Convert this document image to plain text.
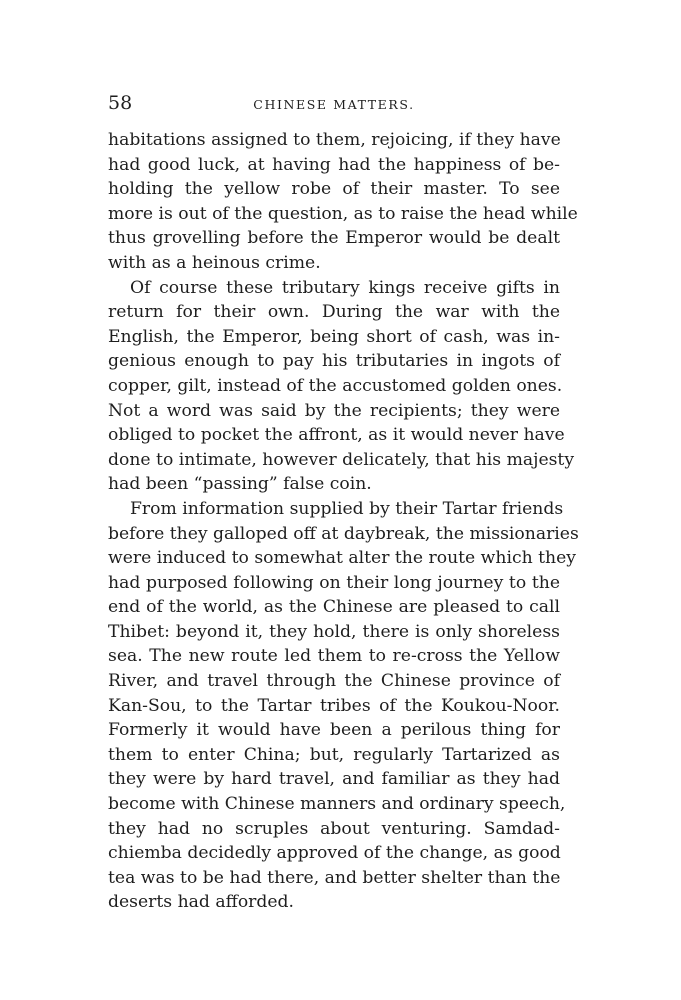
58	CHINESE MATTERS.
habitations assigned to them, rejoicing, if they have
had good luck, at having had the happiness of be-
holding the yellow robe of their master. To see
more is out of the question, as to raise the head while
thus grovelling before the Emperor would be dealt
with as a heinous crime.
Of course these tributary kings receive gifts in
return for their own. During the war with the
English, the Emperor, being short of cash, was in-
genious enough to pay his tributaries in ingots of
copper, gilt, instead of the accustomed golden ones.
Not a word was said by the recipients; they were
obliged to pocket the affront, as it would never have
done to intimate, however delicately, that his majesty
had been “passing” false coin.
From information supplied by their Tartar friends
before they galloped off at daybreak, the missionaries
were induced to somewhat alter the route which they
had purposed following on their long journey to the
end of the world, as the Chinese are pleased to call
Thibet: beyond it, they hold, there is only shoreless
sea. The new route led them to re-cross the Yellow
River, and travel through the Chinese province of
Kan-Sou, to the Tartar tribes of the Koukou-Noor.
Formerly it would have been a perilous thing for
them to enter China; but, regularly Tartarized as
they were by hard travel, and familiar as they had
become with Chinese manners and ordinary speech,
they had no scruples about venturing. Samdad-
chiemba decidedly approved of the change, as good
tea was to be had there, and better shelter than the
deserts had afforded.
